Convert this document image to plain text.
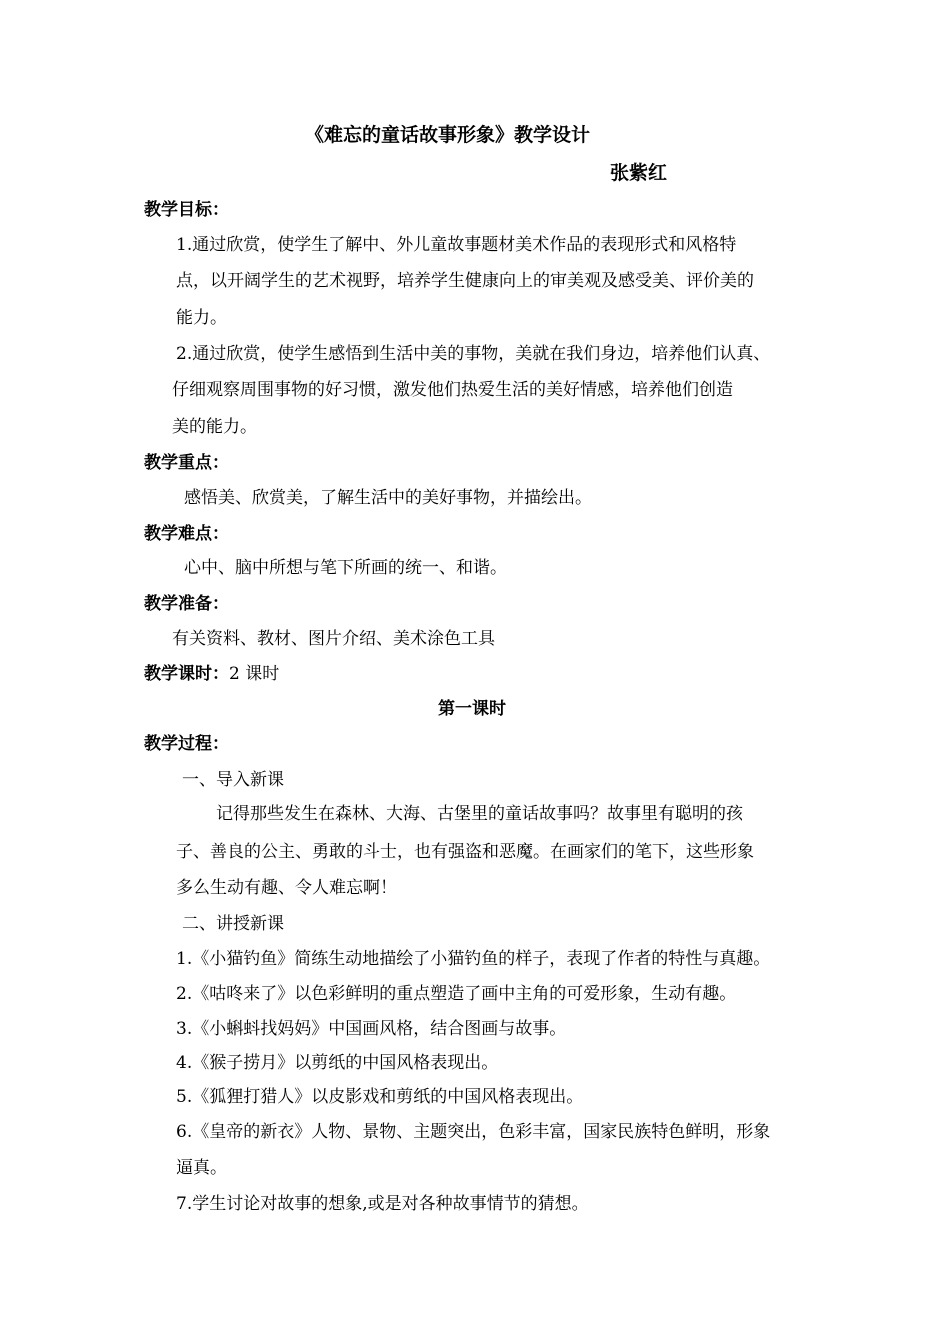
《难忘的童话故事形象》教学设计
张紫红
教学目标：
1.通过欣赏，使学生了解中、外儿童故事题材美术作品的表现形式和风格特
点，以开阔学生的艺术视野，培养学生健康向上的审美观及感受美、评价美的
能力。
2.通过欣赏，使学生感悟到生活中美的事物，美就在我们身边，培养他们认真、
仔细观察周围事物的好习惯，激发他们热爱生活的美好情感，培养他们创造
美的能力。
教学重点：
感悟美、欣赏美，了解生活中的美好事物，并描绘出。
教学难点：
心中、脑中所想与笔下所画的统一、和谐。
教学准备：
有关资料、教材、图片介绍、美术涂色工具
教学课时：2 课时
第一课时
教学过程：
一、导入新课
记得那些发生在森林、大海、古堡里的童话故事吗？故事里有聪明的孩
子、善良的公主、勇敢的斗士，也有强盗和恶魔。在画家们的笔下，这些形象
多么生动有趣、令人难忘啊！
二、讲授新课
1.《小猫钓鱼》简练生动地描绘了小猫钓鱼的样子，表现了作者的特性与真趣。
2.《咕咚来了》以色彩鲜明的重点塑造了画中主角的可爱形象，生动有趣。
3.《小蝌蚪找妈妈》中国画风格，结合图画与故事。
4.《猴子捞月》以剪纸的中国风格表现出。
5.《狐狸打猎人》以皮影戏和剪纸的中国风格表现出。
6.《皇帝的新衣》人物、景物、主题突出，色彩丰富，国家民族特色鲜明，形象
逼真。
7.学生讨论对故事的想象,或是对各种故事情节的猜想。
